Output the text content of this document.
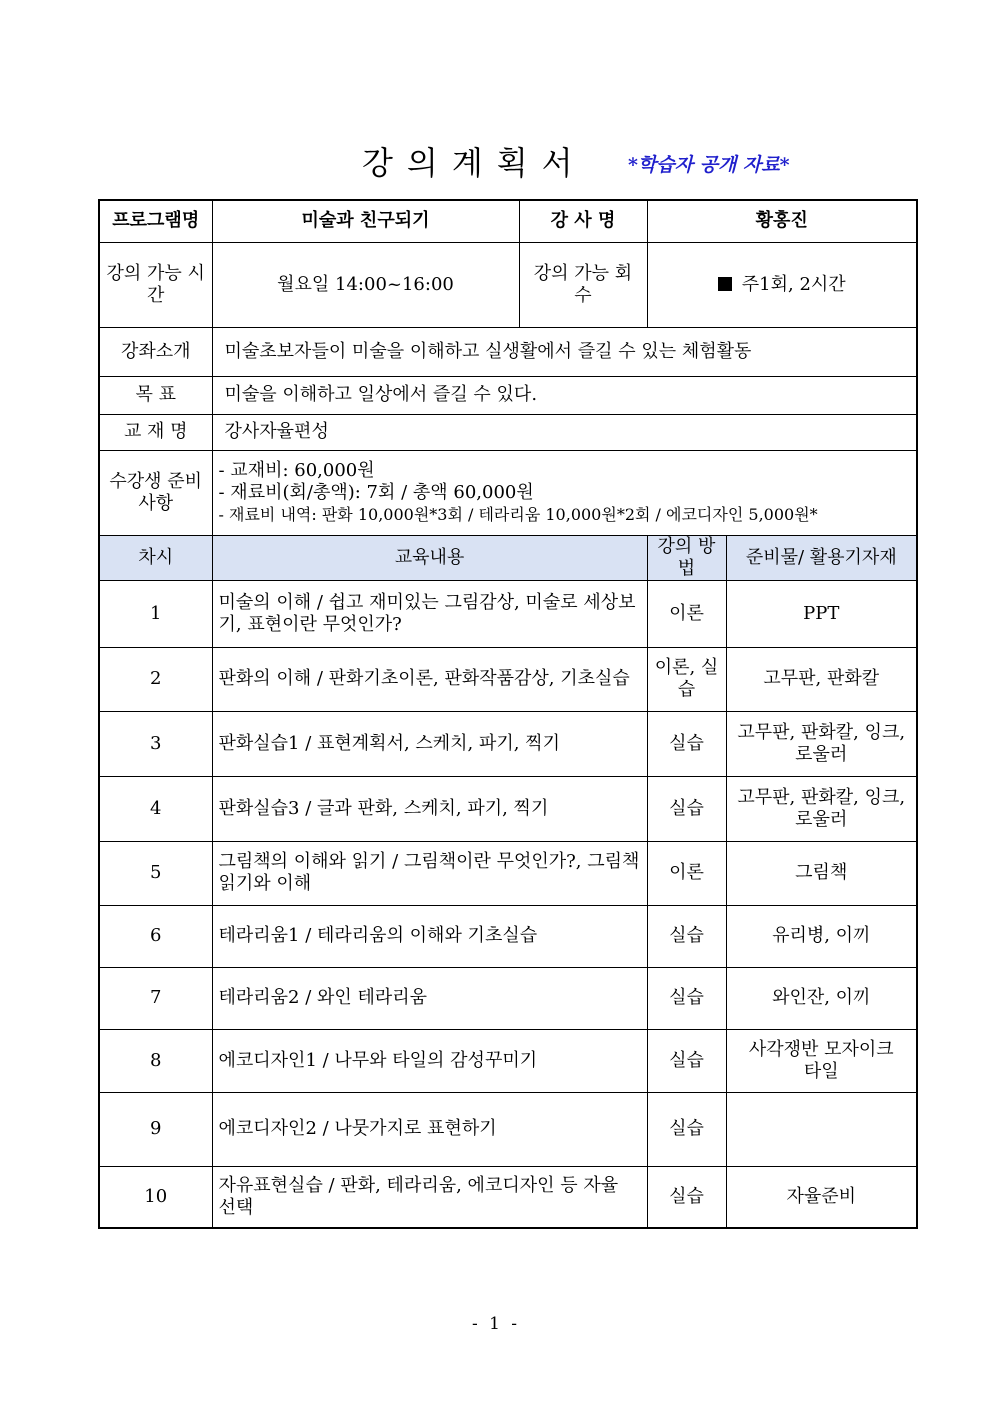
강의계획서 *학습자 공개 자료*
프로그램명	미술과 친구되기	강 사 명	황홍진	
강의 가능 시간	월요일 14:00~16:00	강의 가능 회수	주1회, 2시간	
강좌소개	미술초보자들이 미술을 이해하고 실생활에서 즐길 수 있는 체험활동			
목 표	미술을 이해하고 일상에서 즐길 수 있다.			
교 재 명	강사자율편성			
수강생 준비사항	- 교재비: 60,000원
- 재료비(회/총액): 7회 / 총액 60,000원
- 재료비 내역: 판화 10,000원*3회 / 테라리움 10,000원*2회 / 에코디자인 5,000원*			

차시	교육내용		강의 방법	준비물/ 활용기자재
1	미술의 이해 / 쉽고 재미있는 그림감상, 미술로 세상보기, 표현이란 무엇인가?		이론	PPT
2	판화의 이해 / 판화기초이론, 판화작품감상, 기초실습		이론, 실습	고무판, 판화칼
3	판화실습1 / 표현계획서, 스케치, 파기, 찍기		실습	고무판, 판화칼, 잉크, 로울러
4	판화실습3 / 글과 판화, 스케치, 파기, 찍기		실습	고무판, 판화칼, 잉크, 로울러
5	그림책의 이해와 읽기 / 그림책이란 무엇인가?, 그림책 읽기와 이해		이론	그림책
6	테라리움1 / 테라리움의 이해와 기초실습		실습	유리병, 이끼
7	테라리움2 / 와인 테라리움		실습	와인잔, 이끼
8	에코디자인1 / 나무와 타일의 감성꾸미기		실습	사각쟁반 모자이크타일
9	에코디자인2 / 나뭇가지로 표현하기		실습	
10	자유표현실습 / 판화, 테라리움, 에코디자인 등 자율 선택		실습	자율준비
- 1 -
